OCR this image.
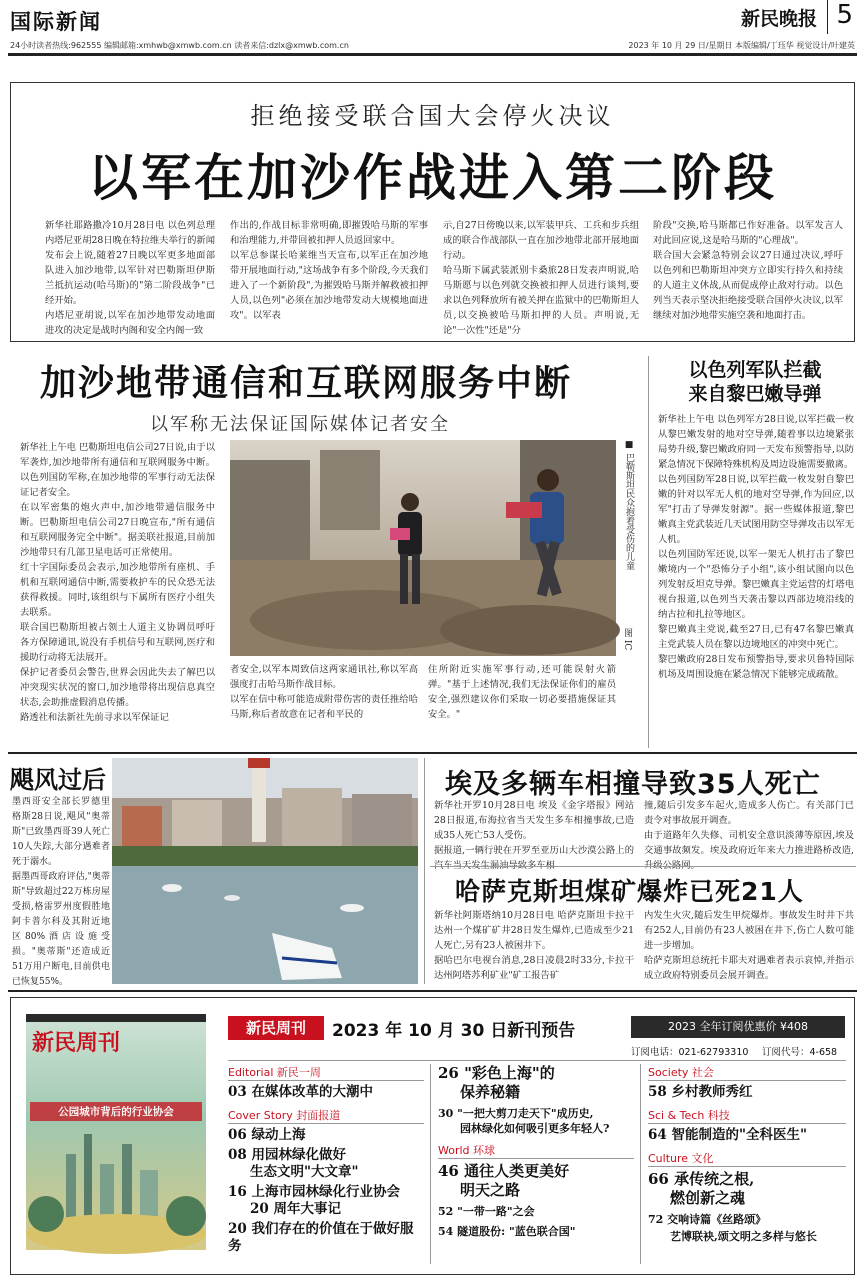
国际新闻	新民晚报 5
24小时读者热线:962555 编辑邮箱:xmhwb@xmwb.com.cn 读者来信:dzlx@xmwb.com.cn	2023 年 10 月 29 日/星期日 本版编辑/丁珏华 视觉设计/叶建英
拒绝接受联合国大会停火决议
以军在加沙作战进入第二阶段
新华社耶路撒冷10月28日电 以色列总理内塔尼亚胡28日晚在特拉维夫举行的新闻发布会上说,随着27日晚以军更多地面部队进入加沙地带,以军针对巴勒斯坦伊斯兰抵抗运动(哈马斯)的"第二阶段战争"已经开始。
内塔尼亚胡说,以军在加沙地带发动地面进攻的决定是战时内阁和安全内阁一致
作出的,作战目标非常明确,即摧毁哈马斯的军事和治理能力,并带回被扣押人员返回家中。
以军总参谋长哈莱维当天宣布,以军正在加沙地带开展地面行动,"这场战争有多个阶段,今天我们进入了一个新阶段",为摧毁哈马斯并解救被扣押人员,以色列"必须在加沙地带发动大规模地面进攻"。以军表
示,自27日傍晚以来,以军装甲兵、工兵和步兵组成的联合作战部队一直在加沙地带北部开展地面行动。
哈马斯下属武装派别卡桑旅28日发表声明说,哈马斯愿与以色列就交换被扣押人员进行谈判,要求以色列释放所有被关押在监狱中的巴勒斯坦人员,以交换被哈马斯扣押的人员。声明说,无论"一次性"还是"分
阶段"交换,哈马斯都已作好准备。以军发言人对此回应说,这是哈马斯的"心理战"。
联合国大会紧急特别会议27日通过决议,呼吁以色列和巴勒斯坦冲突方立即实行持久和持续的人道主义休战,从而促成停止敌对行动。以色列当天表示坚决拒绝接受联合国停火决议,以军继续对加沙地带实施空袭和地面打击。
加沙地带通信和互联网服务中断
以军称无法保证国际媒体记者安全
新华社上午电 巴勒斯坦电信公司27日说,由于以军袭炸,加沙地带所有通信和互联网服务中断。以色列国防军称,在加沙地带的军事行动无法保证记者安全。
在以军密集的炮火声中,加沙地带通信服务中断。巴勒斯坦电信公司27日晚宣布,"所有通信和互联网服务完全中断"。据美联社报道,目前加沙地带只有几部卫星电话可正常使用。
红十字国际委员会表示,加沙地带所有座机、手机和互联网通信中断,需要救护车的民众恐无法获得救援。同时,该组织与下属所有医疗小组失去联系。
联合国巴勒斯坦被占领土人道主义协调员呼吁各方保障通讯,说没有手机信号和互联网,医疗和援助行动将无法展开。
保护记者委员会警告,世界会因此失去了解巴以冲突现实状况的窗口,加沙地带将出现信息真空状态,会助推虚假消息传播。
路透社和法新社先前寻求以军保证记
■ 巴勒斯坦民众抱着受伤的儿童
图 IC
者安全,以军本周致信这两家通讯社,称以军高强度打击哈马斯作战目标。
以军在信中称可能造成附带伤害的责任推给哈马斯,称后者故意在记者和平民的
住所附近实施军事行动,还可能误射火箭弹。"基于上述情况,我们无法保证你们的雇员安全,强烈建议你们采取一切必要措施保证其安全。"
以色列军队拦截
来自黎巴嫩导弹
新华社上午电 以色列军方28日说,以军拦截一枚从黎巴嫩发射的地对空导弹,随着事以边境紧张局势升级,黎巴嫩政府同一天发布预警指导,以防紧急情况下保障特殊机构及周边设施需要撤离。
以色列国防军28日说,以军拦截一枚发射自黎巴嫩的针对以军无人机的地对空导弹,作为回应,以军"打击了导弹发射源"。据一些媒体报道,黎巴嫩真主党武装近几天试图用防空导弹攻击以军无人机。
以色列国防军还说,以军一架无人机打击了黎巴嫩境内一个"恐怖分子小组",该小组试图向以色列发射反坦克导弹。黎巴嫩真主党运营的灯塔电视台报道,以色列当天袭击黎以西部边境沿线的纳古拉和扎拉等地区。
黎巴嫩真主党说,截至27日,已有47名黎巴嫩真主党武装人员在黎以边境地区的冲突中死亡。
黎巴嫩政府28日发布预警指导,要求贝鲁特国际机场及周围设施在紧急情况下能够完成疏散。
飓风过后
墨西哥安全部长罗德里格斯28日说,飓风"奥蒂斯"已致墨西哥39人死亡10人失踪,大部分遇难者死于溺水。
据墨西哥政府评估,"奥蒂斯"导致超过22万栋房屋受损,格雷罗州度假胜地阿卡普尔科及其附近地区80%酒店设施受损。"奥蒂斯"还造成近51万用户断电,目前供电已恢复55%。
埃及多辆车相撞导致35人死亡
新华社开罗10月28日电 埃及《金字塔报》网站28日报道,布海拉省当天发生多车相撞事故,已造成35人死亡53人受伤。
据报道,一辆行驶在开罗至亚历山大沙漠公路上的
撞,随后引发多车起火,造成多人伤亡。有关部门已责令对事故展开调查。
由于道路年久失修、司机安全意识淡薄等原因,埃及交通事故频发。埃及政府近年来大力推进路桥改造,
哈萨克斯坦煤矿爆炸已死21人
新华社阿斯塔纳10月28日电 哈萨克斯坦卡拉干达州一个煤矿矿井28日发生爆炸,已造成至少21人死亡,另有23人被困井下。
据哈巴尔电视台消息,28日凌晨2时33分,卡拉干达州阿塔苏利矿业"矿工报告矿
内发生火灾,随后发生甲烷爆炸。事故发生时井下共有252人,目前仍有23人被困在井下,伤亡人数可能进一步增加。
哈萨克斯坦总统托卡耶夫对遇难者表示哀悼,并指示成立政府特别委员会展开调查。
新民周刊
公园城市背后的行业协会
新民周刊	2023 年 10 月 30 日新刊预告	2023 全年订阅优惠价 ¥408
订阅电话：021-62793310 订阅代号：4-658
Editorial 新民一周
03 在媒体改革的大潮中
Cover Story 封面报道
06 绿动上海
08 用园林绿化做好
生态文明"大文章"
16 上海市园林绿化行业协会
20 周年大事记
20 我们存在的价值在于做好服务
26 "彩色上海"的
保养秘籍
30 "一把大剪刀走天下"成历史,
园林绿化如何吸引更多年轻人?
World 环球
46 通往人类更美好
明天之路
52 "一带一路"之会
54 隧道股份: "蓝色联合国"
Society 社会
58 乡村教师秀红
Sci & Tech 科技
64 智能制造的"全科医生"
Culture 文化
66 承传统之根,
燃创新之魂
72 交响诗篇《丝路颂》
艺博联袂,颂文明之多样与悠长
